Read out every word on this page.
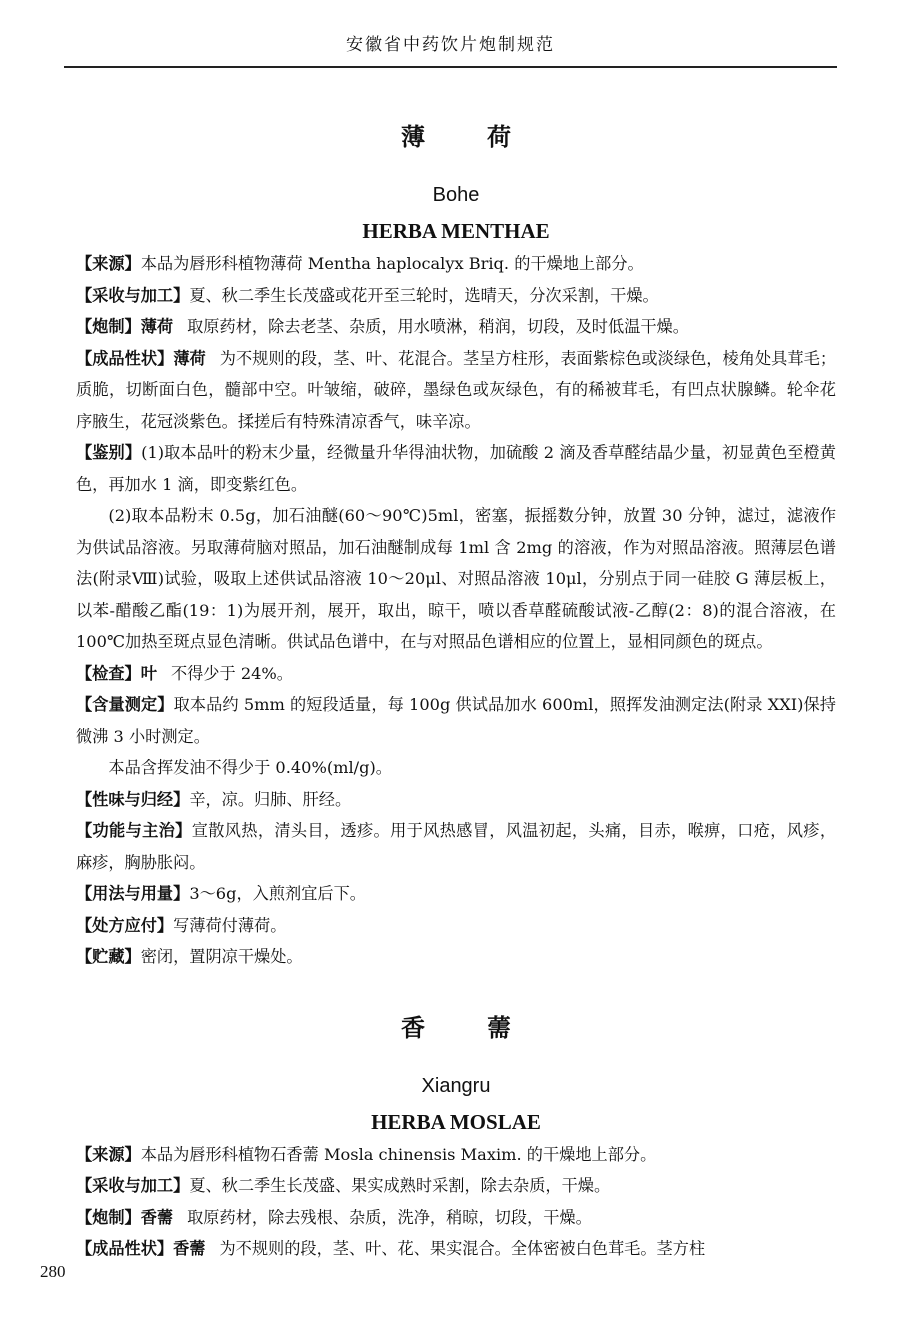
安徽省中药饮片炮制规范
薄荷
Bohe
HERBA MENTHAE

【来源】本品为唇形科植物薄荷 Mentha haplocalyx Briq. 的干燥地上部分。

【采收与加工】夏、秋二季生长茂盛或花开至三轮时，选晴天，分次采割，干燥。

【炮制】薄荷 取原药材，除去老茎、杂质，用水喷淋，稍润，切段，及时低温干燥。

【成品性状】薄荷 为不规则的段，茎、叶、花混合。茎呈方柱形，表面紫棕色或淡绿色，棱角处具茸毛；质脆，切断面白色，髓部中空。叶皱缩，破碎，墨绿色或灰绿色，有的稀被茸毛，有凹点状腺鳞。轮伞花序腋生，花冠淡紫色。揉搓后有特殊清凉香气，味辛凉。

【鉴别】(1)取本品叶的粉末少量，经微量升华得油状物，加硫酸 2 滴及香草醛结晶少量，初显黄色至橙黄色，再加水 1 滴，即变紫红色。

(2)取本品粉末 0.5g，加石油醚(60～90℃)5ml，密塞，振摇数分钟，放置 30 分钟，滤过，滤液作为供试品溶液。另取薄荷脑对照品，加石油醚制成每 1ml 含 2mg 的溶液，作为对照品溶液。照薄层色谱法(附录Ⅷ)试验，吸取上述供试品溶液 10～20μl、对照品溶液 10μl，分别点于同一硅胶 G 薄层板上，以苯-醋酸乙酯(19：1)为展开剂，展开，取出，晾干，喷以香草醛硫酸试液-乙醇(2：8)的混合溶液，在 100℃加热至斑点显色清晰。供试品色谱中，在与对照品色谱相应的位置上，显相同颜色的斑点。

【检查】叶 不得少于 24%。

【含量测定】取本品约 5mm 的短段适量，每 100g 供试品加水 600ml，照挥发油测定法(附录 XXI)保持微沸 3 小时测定。

本品含挥发油不得少于 0.40%(ml/g)。

【性味与归经】辛，凉。归肺、肝经。

【功能与主治】宣散风热，清头目，透疹。用于风热感冒，风温初起，头痛，目赤，喉痹，口疮，风疹，麻疹，胸胁胀闷。

【用法与用量】3～6g，入煎剂宜后下。

【处方应付】写薄荷付薄荷。

【贮藏】密闭，置阴凉干燥处。

香薷
Xiangru
HERBA MOSLAE

【来源】本品为唇形科植物石香薷 Mosla chinensis Maxim. 的干燥地上部分。

【采收与加工】夏、秋二季生长茂盛、果实成熟时采割，除去杂质，干燥。

【炮制】香薷 取原药材，除去残根、杂质，洗净，稍晾，切段，干燥。

【成品性状】香薷 为不规则的段，茎、叶、花、果实混合。全体密被白色茸毛。茎方柱

280
